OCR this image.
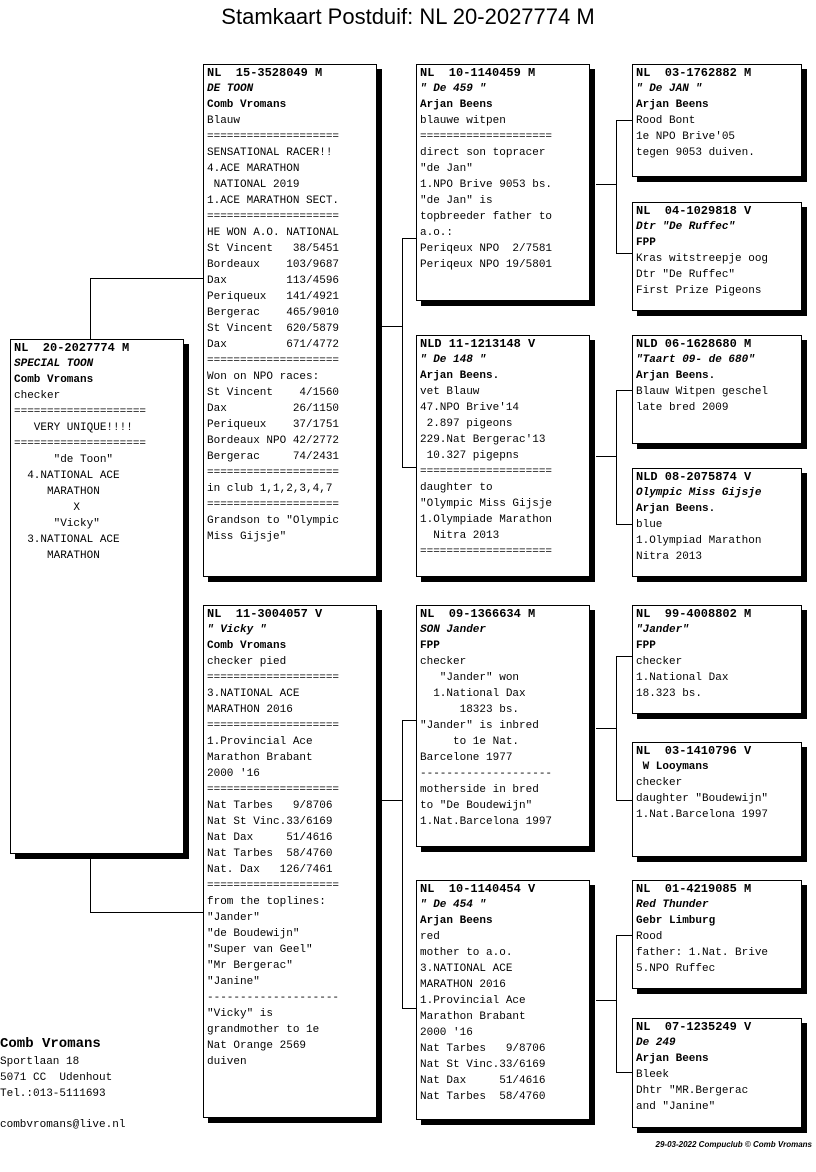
Stamkaart Postduif: NL 20-2027774 M
NL  20-2027774 M
SPECIAL TOON
Comb Vromans
checker
====================
VERY UNIQUE!!!!
====================
"de Toon"
4.NATIONAL ACE
MARATHON
X
"Vicky"
3.NATIONAL ACE
MARATHON
NL  15-3528049 M
DE TOON
Comb Vromans
Blauw
====================
SENSATIONAL RACER!!
4.ACE MARATHON
NATIONAL 2019
1.ACE MARATHON SECT.
====================
HE WON A.O. NATIONAL
St Vincent   38/5451
Bordeaux    103/9687
Dax         113/4596
Periqueux   141/4921
Bergerac    465/9010
St Vincent  620/5879
Dax         671/4772
====================
Won on NPO races:
St Vincent    4/1560
Dax          26/1150
Periqueux    37/1751
Bordeaux NPO 42/2772
Bergerac     74/2431
====================
in club 1,1,2,3,4,7
====================
Grandson to "Olympic
Miss Gijsje"
NL  11-3004057 V
" Vicky "
Comb Vromans
checker pied
====================
3.NATIONAL ACE
MARATHON 2016
====================
1.Provincial Ace
Marathon Brabant
2000 '16
====================
Nat Tarbes   9/8706
Nat St Vinc.33/6169
Nat Dax     51/4616
Nat Tarbes  58/4760
Nat. Dax   126/7461
====================
from the toplines:
"Jander"
"de Boudewijn"
"Super van Geel"
"Mr Bergerac"
"Janine"
--------------------
"Vicky" is
grandmother to 1e
Nat Orange 2569
duiven
NL  10-1140459 M
" De 459 "
Arjan Beens
blauwe witpen
====================
direct son topracer
"de Jan"
1.NPO Brive 9053 bs.
"de Jan" is
topbreeder father to
a.o.:
Periqeux NPO  2/7581
Periqeux NPO 19/5801
NLD 11-1213148 V
" De 148 "
Arjan Beens.
vet Blauw
47.NPO Brive'14
2.897 pigeons
229.Nat Bergerac'13
10.327 pigepns
====================
daughter to
"Olympic Miss Gijsje
1.Olympiade Marathon
Nitra 2013
====================
NL  09-1366634 M
SON Jander
FPP
checker
"Jander" won
1.National Dax
18323 bs.
"Jander" is inbred
to 1e Nat.
Barcelone 1977
--------------------
motherside in bred
to "De Boudewijn"
1.Nat.Barcelona 1997
NL  10-1140454 V
" De 454 "
Arjan Beens
red
mother to a.o.
3.NATIONAL ACE
MARATHON 2016
1.Provincial Ace
Marathon Brabant
2000 '16
Nat Tarbes   9/8706
Nat St Vinc.33/6169
Nat Dax     51/4616
Nat Tarbes  58/4760
NL  03-1762882 M
" De JAN "
Arjan Beens
Rood Bont
1e NPO Brive'05
tegen 9053 duiven.
NL  04-1029818 V
Dtr "De Ruffec"
FPP
Kras witstreepje oog
Dtr "De Ruffec"
First Prize Pigeons
NLD 06-1628680 M
"Taart 09- de 680"
Arjan Beens.
Blauw Witpen geschel
late bred 2009
NLD 08-2075874 V
Olympic Miss Gijsje
Arjan Beens.
blue
1.Olympiad Marathon
Nitra 2013
NL  99-4008802 M
"Jander"
FPP
checker
1.National Dax
18.323 bs.
NL  03-1410796 V
W Looymans
checker
daughter "Boudewijn"
1.Nat.Barcelona 1997
NL  01-4219085 M
Red Thunder
Gebr Limburg
Rood
father: 1.Nat. Brive
5.NPO Ruffec
NL  07-1235249 V
De 249
Arjan Beens
Bleek
Dhtr "MR.Bergerac
and "Janine"
Comb Vromans
Sportlaan 18
5071 CC  Udenhout
Tel.:013-5111693
combvromans@live.nl
29-03-2022 Compuclub © Comb Vromans
